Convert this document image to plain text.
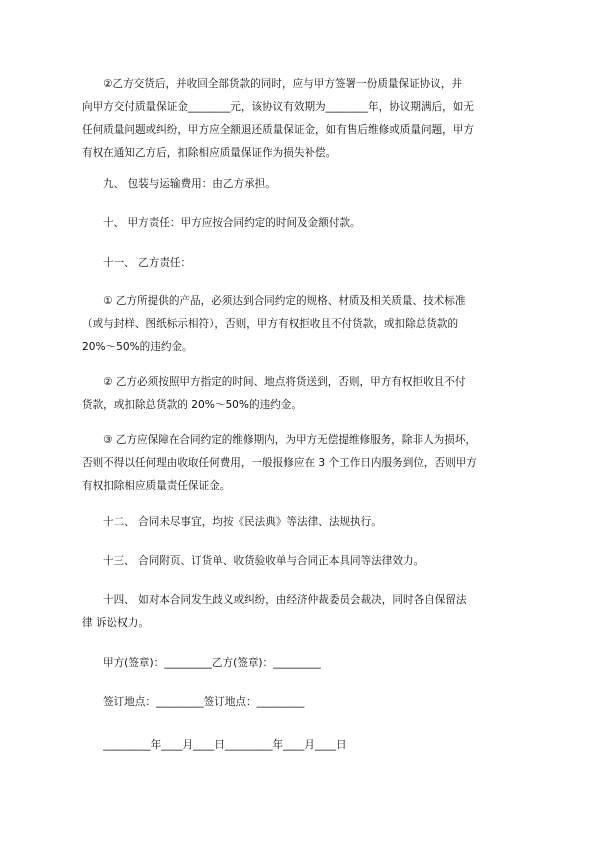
②乙方交货后，并收回全部货款的同时，应与甲方签署一份质量保证协议，并

向甲方交付质量保证金________元，该协议有效期为________年，协议期满后，如无

任何质量问题或纠纷，甲方应全额退还质量保证金，如有售后维修或质量问题，甲方

有权在通知乙方后，扣除相应质量保证作为损失补偿。

九、 包装与运输费用：由乙方承担。

十、 甲方责任：甲方应按合同约定的时间及金额付款。

十一、 乙方责任：

① 乙方所提供的产品，必须达到合同约定的规格、材质及相关质量、技术标准

（或与封样、图纸标示相符），否则，甲方有权拒收且不付货款，或扣除总货款的

20%～50%的违约金。

② 乙方必须按照甲方指定的时间、地点将货送到，否则，甲方有权拒收且不付

货款，或扣除总货款的 20%～50%的违约金。

③ 乙方应保障在合同约定的维修期内，为甲方无偿提维修服务，除非人为损坏，

否则不得以任何理由收取任何费用，一般报修应在 3 个工作日内服务到位，否则甲方

有权扣除相应质量责任保证金。

十二、 合同未尽事宜，均按《民法典》等法律、法规执行。

十三、 合同附页、订货单、收货验收单与合同正本具同等法律效力。

十四、 如对本合同发生歧义或纠纷，由经济仲裁委员会裁决，同时各自保留法

律 诉讼权力。

甲方(签章)：_________乙方(签章)：_________

签订地点：_________签订地点：_________

_________年____月____日_________年____月____日
